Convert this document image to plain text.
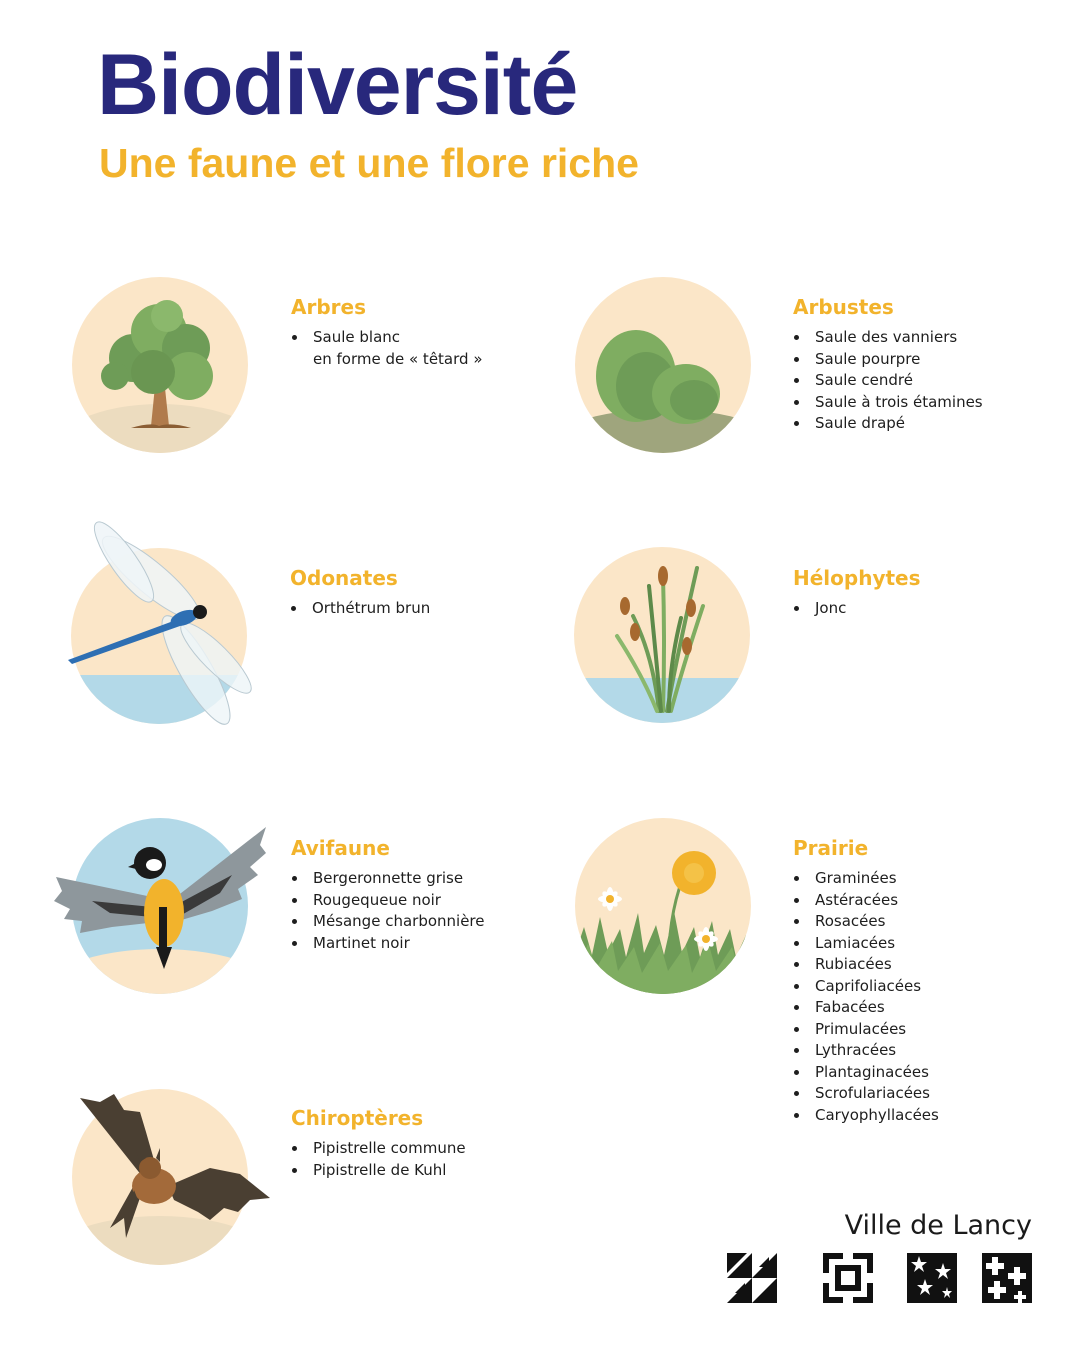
Biodiversité
Une faune et une flore riche
Arbres
Saule blanc
en forme de « têtard »
Arbustes
Saule des vanniers
Saule pourpre
Saule cendré
Saule à trois étamines
Saule drapé
Odonates
Orthétrum brun
Hélophytes
Jonc
Avifaune
Bergeronnette grise
Rougequeue noir
Mésange charbonnière
Martinet noir
Prairie
Graminées
Astéracées
Rosacées
Lamiacées
Rubiacées
Caprifoliacées
Fabacées
Primulacées
Lythracées
Plantaginacées
Scrofulariacées
Caryophyllacées
Chiroptères
Pipistrelle commune
Pipistrelle de Kuhl
Ville de Lancy
